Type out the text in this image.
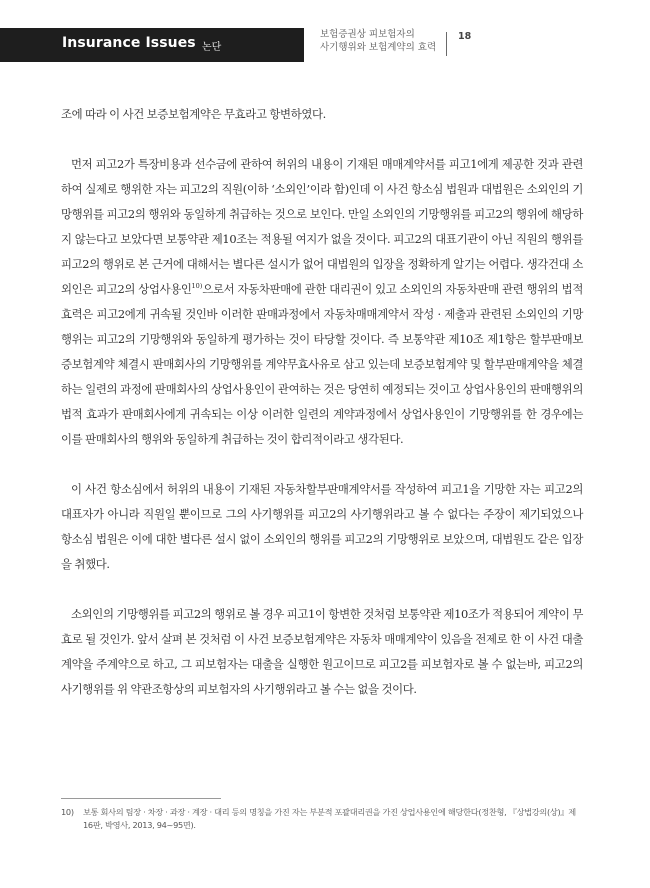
Insurance Issues 논단
보험증권상 피보험자의
사기행위와 보험계약의 효력
18

조에 따라 이 사건 보증보험계약은 무효라고 항변하였다.

먼저 피고2가 특장비용과 선수금에 관하여 허위의 내용이 기재된 매매계약서를 피고1에게 제공한 것과 관련하여 실제로 행위한 자는 피고2의 직원(이하 ‘소외인’이라 함)인데 이 사건 항소심 법원과 대법원은 소외인의 기망행위를 피고2의 행위와 동일하게 취급하는 것으로 보인다. 만일 소외인의 기망행위를 피고2의 행위에 해당하지 않는다고 보았다면 보통약관 제10조는 적용될 여지가 없을 것이다. 피고2의 대표기관이 아닌 직원의 행위를 피고2의 행위로 본 근거에 대해서는 별다른 설시가 없어 대법원의 입장을 정확하게 알기는 어렵다. 생각건대 소외인은 피고2의 상업사용인$^{10)}$으로서 자동차판매에 관한 대리권이 있고 소외인의 자동차판매 관련 행위의 법적 효력은 피고2에게 귀속될 것인바 이러한 판매과정에서 자동차매매계약서 작성 · 제출과 관련된 소외인의 기망행위는 피고2의 기망행위와 동일하게 평가하는 것이 타당할 것이다. 즉 보통약관 제10조 제1항은 할부판매보증보험계약 체결시 판매회사의 기망행위를 계약무효사유로 삼고 있는데 보증보험계약 및 할부판매계약을 체결하는 일련의 과정에 판매회사의 상업사용인이 관여하는 것은 당연히 예정되는 것이고 상업사용인의 판매행위의 법적 효과가 판매회사에게 귀속되는 이상 이러한 일련의 계약과정에서 상업사용인이 기망행위를 한 경우에는 이를 판매회사의 행위와 동일하게 취급하는 것이 합리적이라고 생각된다.

이 사건 항소심에서 허위의 내용이 기재된 자동차할부판매계약서를 작성하여 피고1을 기망한 자는 피고2의 대표자가 아니라 직원일 뿐이므로 그의 사기행위를 피고2의 사기행위라고 볼 수 없다는 주장이 제기되었으나 항소심 법원은 이에 대한 별다른 설시 없이 소외인의 행위를 피고2의 기망행위로 보았으며, 대법원도 같은 입장을 취했다.

소외인의 기망행위를 피고2의 행위로 볼 경우 피고1이 항변한 것처럼 보통약관 제10조가 적용되어 계약이 무효로 될 것인가. 앞서 살펴 본 것처럼 이 사건 보증보험계약은 자동차 매매계약이 있음을 전제로 한 이 사건 대출계약을 주계약으로 하고, 그 피보험자는 대출을 실행한 원고이므로 피고2를 피보험자로 볼 수 없는바, 피고2의 사기행위를 위 약관조항상의 피보험자의 사기행위라고 볼 수는 없을 것이다.

10) 보통 회사의 팀장 · 차장 · 과장 · 계장 · 대리 등의 명칭을 가진 자는 부분적 포괄대리권을 가진 상업사용인에 해당한다(정찬형, 『상법강의(상)』제16판, 박영사, 2013, 94~95면).
